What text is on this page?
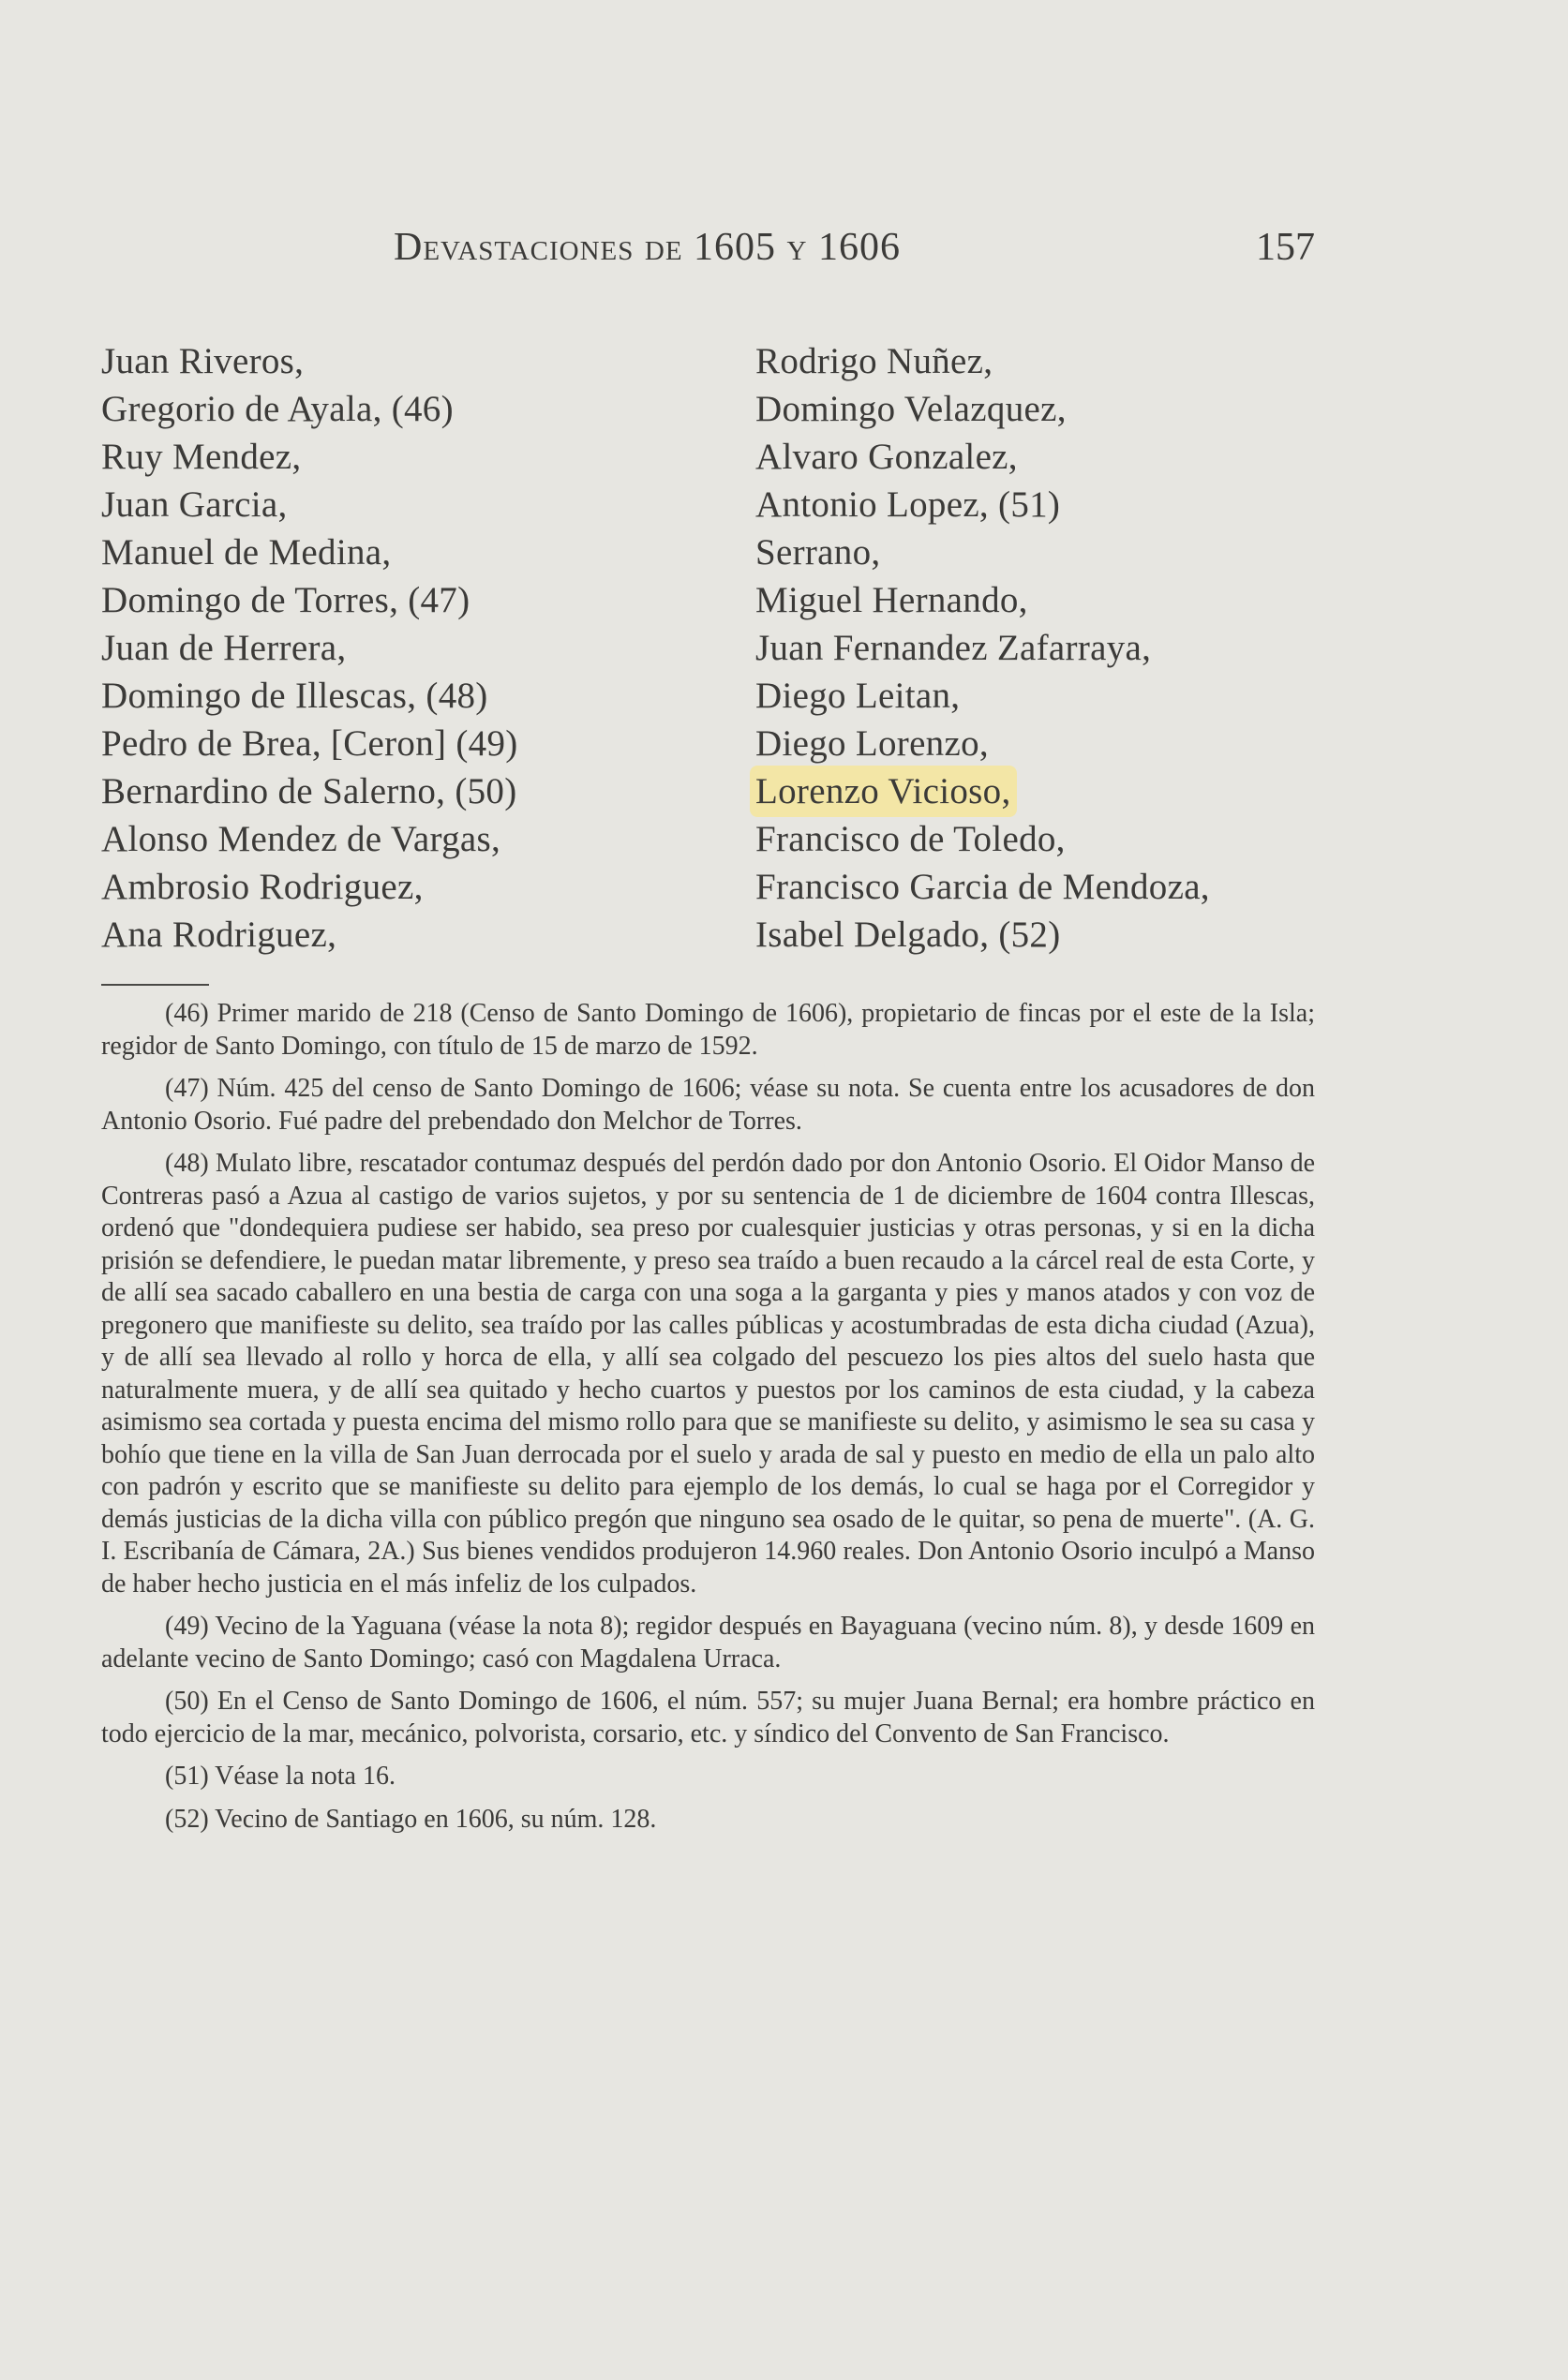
Devastaciones de 1605 y 1606	157
Juan Riveros,
Gregorio de Ayala, (46)
Ruy Mendez,
Juan Garcia,
Manuel de Medina,
Domingo de Torres, (47)
Juan de Herrera,
Domingo de Illescas, (48)
Pedro de Brea, [Ceron] (49)
Bernardino de Salerno, (50)
Alonso Mendez de Vargas,
Ambrosio Rodriguez,
Ana Rodriguez,
Rodrigo Nuñez,
Domingo Velazquez,
Alvaro Gonzalez,
Antonio Lopez, (51)
Serrano,
Miguel Hernando,
Juan Fernandez Zafarraya,
Diego Leitan,
Diego Lorenzo,
Lorenzo Vicioso,
Francisco de Toledo,
Francisco Garcia de Mendoza,
Isabel Delgado, (52)

(46) Primer marido de 218 (Censo de Santo Domingo de 1606), propietario de fincas por el este de la Isla; regidor de Santo Domingo, con título de 15 de marzo de 1592.

(47) Núm. 425 del censo de Santo Domingo de 1606; véase su nota. Se cuenta entre los acusadores de don Antonio Osorio. Fué padre del prebendado don Melchor de Torres.

(48) Mulato libre, rescatador contumaz después del perdón dado por don Antonio Osorio. El Oidor Manso de Contreras pasó a Azua al castigo de varios sujetos, y por su sentencia de 1 de diciembre de 1604 contra Illescas, ordenó que "dondequiera pudiese ser habido, sea preso por cualesquier justicias y otras personas, y si en la dicha prisión se defendiere, le puedan matar libremente, y preso sea traído a buen recaudo a la cárcel real de esta Corte, y de allí sea sacado caballero en una bestia de carga con una soga a la garganta y pies y manos atados y con voz de pregonero que manifieste su delito, sea traído por las calles públicas y acostumbradas de esta dicha ciudad (Azua), y de allí sea llevado al rollo y horca de ella, y allí sea colgado del pescuezo los pies altos del suelo hasta que naturalmente muera, y de allí sea quitado y hecho cuartos y puestos por los caminos de esta ciudad, y la cabeza asimismo sea cortada y puesta encima del mismo rollo para que se manifieste su delito, y asimismo le sea su casa y bohío que tiene en la villa de San Juan derrocada por el suelo y arada de sal y puesto en medio de ella un palo alto con padrón y escrito que se manifieste su delito para ejemplo de los demás, lo cual se haga por el Corregidor y demás justicias de la dicha villa con público pregón que ninguno sea osado de le quitar, so pena de muerte". (A. G. I. Escribanía de Cámara, 2A.) Sus bienes vendidos produjeron 14.960 reales. Don Antonio Osorio inculpó a Manso de haber hecho justicia en el más infeliz de los culpados.

(49) Vecino de la Yaguana (véase la nota 8); regidor después en Bayaguana (vecino núm. 8), y desde 1609 en adelante vecino de Santo Domingo; casó con Magdalena Urraca.

(50) En el Censo de Santo Domingo de 1606, el núm. 557; su mujer Juana Bernal; era hombre práctico en todo ejercicio de la mar, mecánico, polvorista, corsario, etc. y síndico del Convento de San Francisco.

(51) Véase la nota 16.

(52) Vecino de Santiago en 1606, su núm. 128.
